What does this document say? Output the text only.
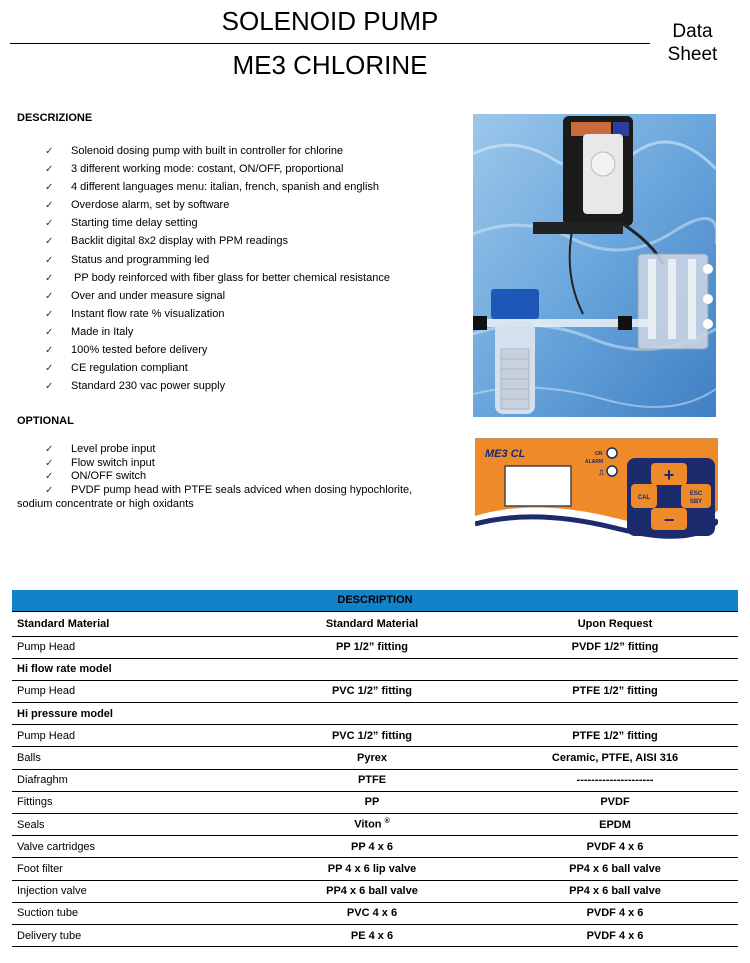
SOLENOID PUMP
ME3 CHLORINE
Data
Sheet
DESCRIZIONE
✓ Solenoid dosing pump with built in controller for chlorine
✓ 3 different working mode: costant, ON/OFF, proportional
✓ 4 different languages menu: italian, french, spanish and english
✓ Overdose alarm, set by software
✓ Starting time delay setting
✓ Backlit digital 8x2 display with PPM readings
✓ Status and programming led
✓ PP body reinforced with fiber glass for better chemical resistance
✓ Over and under measure signal
✓ Instant flow rate % visualization
✓ Made in Italy
✓ 100% tested before delivery
✓ CE regulation compliant
✓ Standard 230 vac power supply
OPTIONAL
✓ Level probe input
✓ Flow switch input
✓ ON/OFF switch
✓ PVDF pump head with PTFE seals adviced when dosing hypochlorite,
sodium concentrate or high oxidants
ME3 CL	ON
ALARM
⎍	+
CAL
ESC
SBY
−
DESCRIPTION		
Standard Material	Standard Material	Upon Request
Pump Head	PP 1/2” fitting	PVDF 1/2” fitting
Hi flow rate model		
Pump Head	PVC 1/2” fitting	PTFE 1/2” fitting
Hi pressure model		
Pump Head	PVC 1/2” fitting	PTFE 1/2” fitting
Balls	Pyrex	Ceramic, PTFE, AISI 316
Diafraghm	PTFE	---------------------
Fittings	PP	PVDF
Seals	Viton ®	EPDM
Valve cartridges	PP 4 x 6	PVDF 4 x 6
Foot filter	PP 4 x 6 lip valve	PP4 x 6 ball valve
Injection valve	PP4 x 6 ball valve	PP4 x 6 ball valve
Suction tube	PVC 4 x 6	PVDF 4 x 6
Delivery tube	PE 4 x 6	PVDF 4 x 6
